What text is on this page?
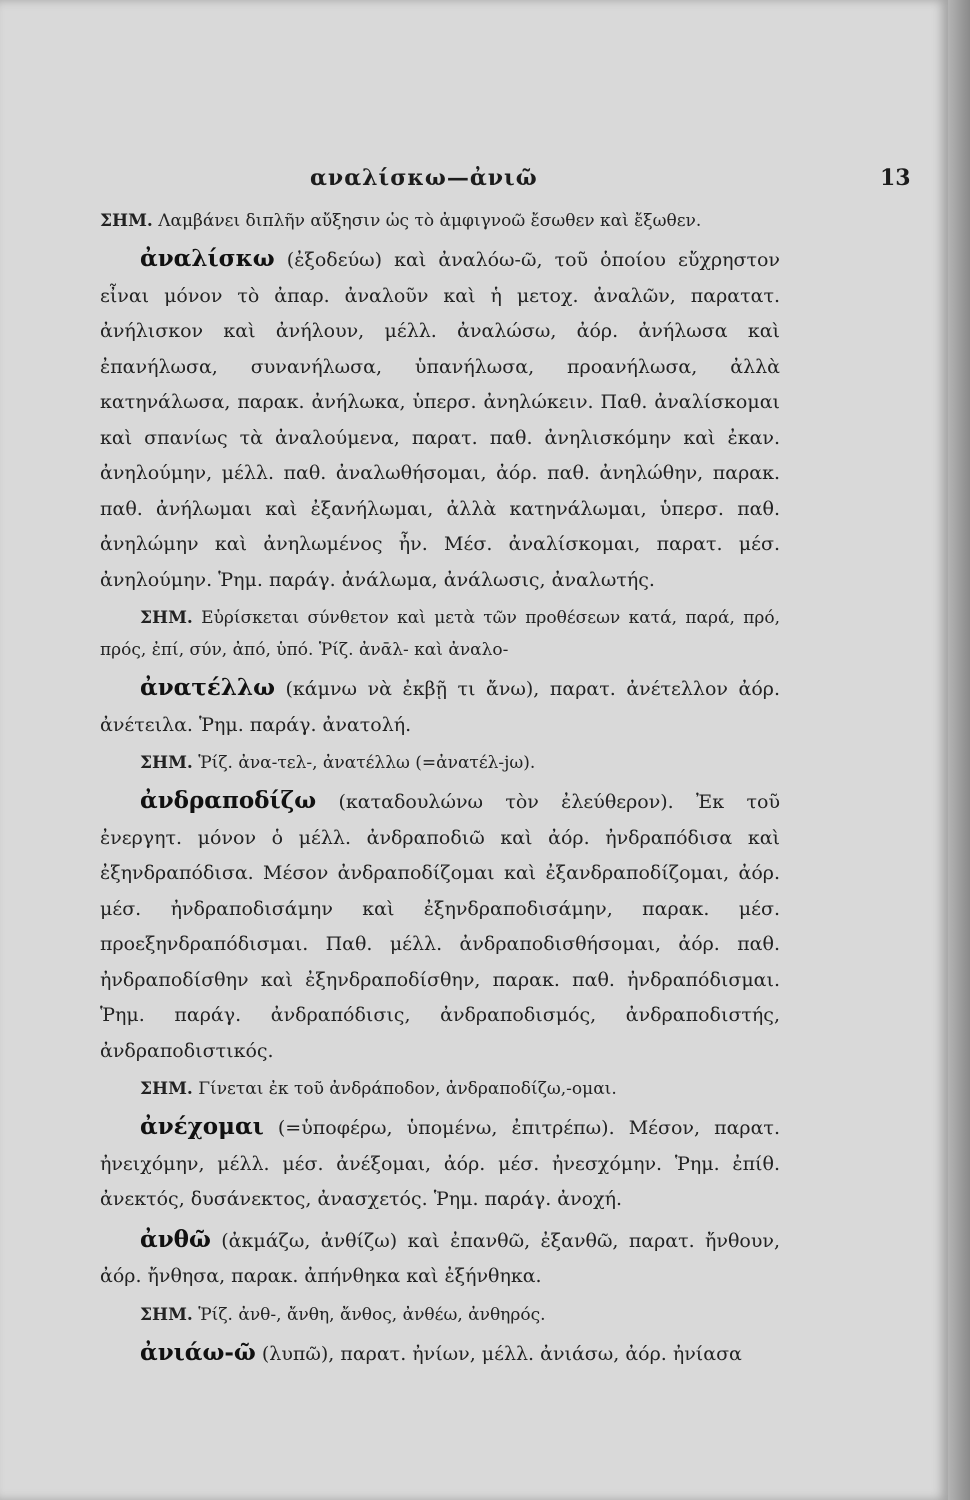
αναλίσκω—ἀνιῶ	13

ΣΗΜ. Λαμβάνει διπλῆν αὔξησιν ὡς τὸ ἀμφιγνοῶ ἔσωθεν καὶ ἔξωθεν.

ἀναλίσκω (ἐξοδεύω) καὶ ἀναλόω-ῶ, τοῦ ὁποίου εὔχρηστον εἶναι μόνον τὸ ἀπαρ. ἀναλοῦν καὶ ἡ μετοχ. ἀναλῶν, παρατατ. ἀνήλισκον καὶ ἀνήλουν, μέλλ. ἀναλώσω, ἀόρ. ἀνήλωσα καὶ ἐπανήλωσα, συνανήλωσα, ὑπανήλωσα, προανήλωσα, ἀλλὰ κατηνάλωσα, παρακ. ἀνήλωκα, ὑπερσ. ἀνηλώκειν. Παθ. ἀναλίσκομαι καὶ σπανίως τὰ ἀναλούμενα, παρατ. παθ. ἀνηλισκόμην καὶ ἐκαν. ἀνηλούμην, μέλλ. παθ. ἀναλωθήσομαι, ἀόρ. παθ. ἀνηλώθην, παρακ. παθ. ἀνήλωμαι καὶ ἐξανήλωμαι, ἀλλὰ κατηνάλωμαι, ὑπερσ. παθ. ἀνηλώμην καὶ ἀνηλωμένος ἦν. Μέσ. ἀναλίσκομαι, παρατ. μέσ. ἀνηλούμην. Ῥημ. παράγ. ἀνάλωμα, ἀνάλωσις, ἀναλωτής.

ΣΗΜ. Εὑρίσκεται σύνθετον καὶ μετὰ τῶν προθέσεων κατά, παρά, πρό, πρός, ἐπί, σύν, ἀπό, ὑπό. Ῥίζ. ἀνᾱλ- καὶ ἀναλο-

ἀνατέλλω (κάμνω νὰ ἐκβῇ τι ἄνω), παρατ. ἀνέτελλον ἀόρ. ἀνέτειλα. Ῥημ. παράγ. ἀνατολή.

ΣΗΜ. Ῥίζ. ἀνα-τελ-, ἀνατέλλω (=ἀνατέλ-jω).

ἀνδραποδίζω (καταδουλώνω τὸν ἐλεύθερον). Ἐκ τοῦ ἐνεργητ. μόνον ὁ μέλλ. ἀνδραποδιῶ καὶ ἀόρ. ἠνδραπόδισα καὶ ἐξηνδραπόδισα. Μέσον ἀνδραποδίζομαι καὶ ἐξανδραποδίζομαι, ἀόρ. μέσ. ἠνδραποδισάμην καὶ ἐξηνδραποδισάμην, παρακ. μέσ. προεξηνδραπόδισμαι. Παθ. μέλλ. ἀνδραποδισθήσομαι, ἀόρ. παθ. ἠνδραποδίσθην καὶ ἐξηνδραποδίσθην, παρακ. παθ. ἠνδραπόδισμαι. Ῥημ. παράγ. ἀνδραπόδισις, ἀνδραποδισμός, ἀνδραποδιστής, ἀνδραποδιστικός.

ΣΗΜ. Γίνεται ἐκ τοῦ ἀνδράποδον, ἀνδραποδίζω,-ομαι.

ἀνέχομαι (=ὑποφέρω, ὑπομένω, ἐπιτρέπω). Μέσον, παρατ. ἠνειχόμην, μέλλ. μέσ. ἀνέξομαι, ἀόρ. μέσ. ἠνεσχόμην. Ῥημ. ἐπίθ. ἀνεκτός, δυσάνεκτος, ἀνασχετός. Ῥημ. παράγ. ἀνοχή.

ἀνθῶ (ἀκμάζω, ἀνθίζω) καὶ ἐπανθῶ, ἐξανθῶ, παρατ. ἤνθουν, ἀόρ. ἤνθησα, παρακ. ἀπήνθηκα καὶ ἐξήνθηκα.

ΣΗΜ. Ῥίζ. ἀνθ-, ἄνθη, ἄνθος, ἀνθέω, ἀνθηρός.

ἀνιάω-ῶ (λυπῶ), παρατ. ἠνίων, μέλλ. ἀνιάσω, ἀόρ. ἠνίασα
